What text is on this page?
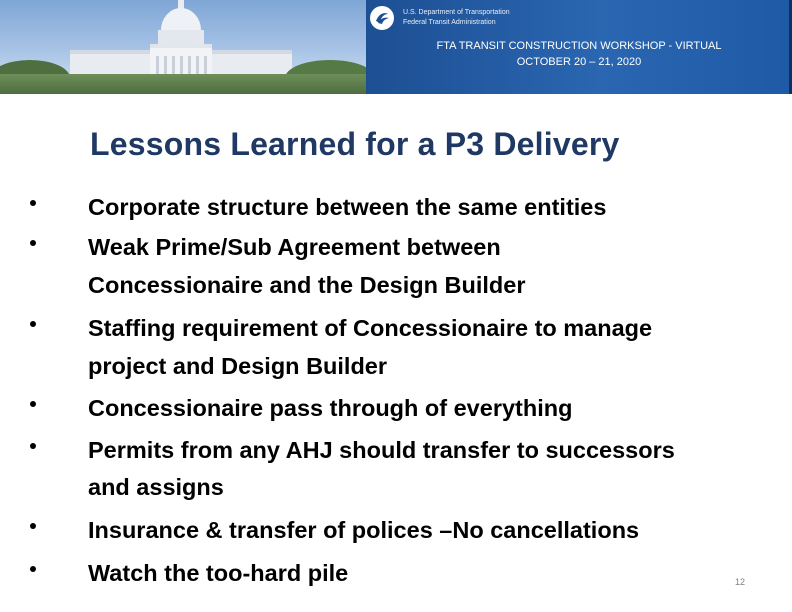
U.S. Department of Transportation
Federal Transit Administration
FTA TRANSIT CONSTRUCTION WORKSHOP - VIRTUAL
OCTOBER 20 – 21, 2020
Lessons Learned for a P3 Delivery
Corporate structure between the same entities
Weak Prime/Sub Agreement between
Concessionaire and the Design Builder
Staffing requirement of Concessionaire to manage
project and Design Builder
Concessionaire pass through of everything
Permits from any AHJ should transfer to successors
and assigns
Insurance & transfer of polices –No cancellations
Watch the too-hard pile	12
